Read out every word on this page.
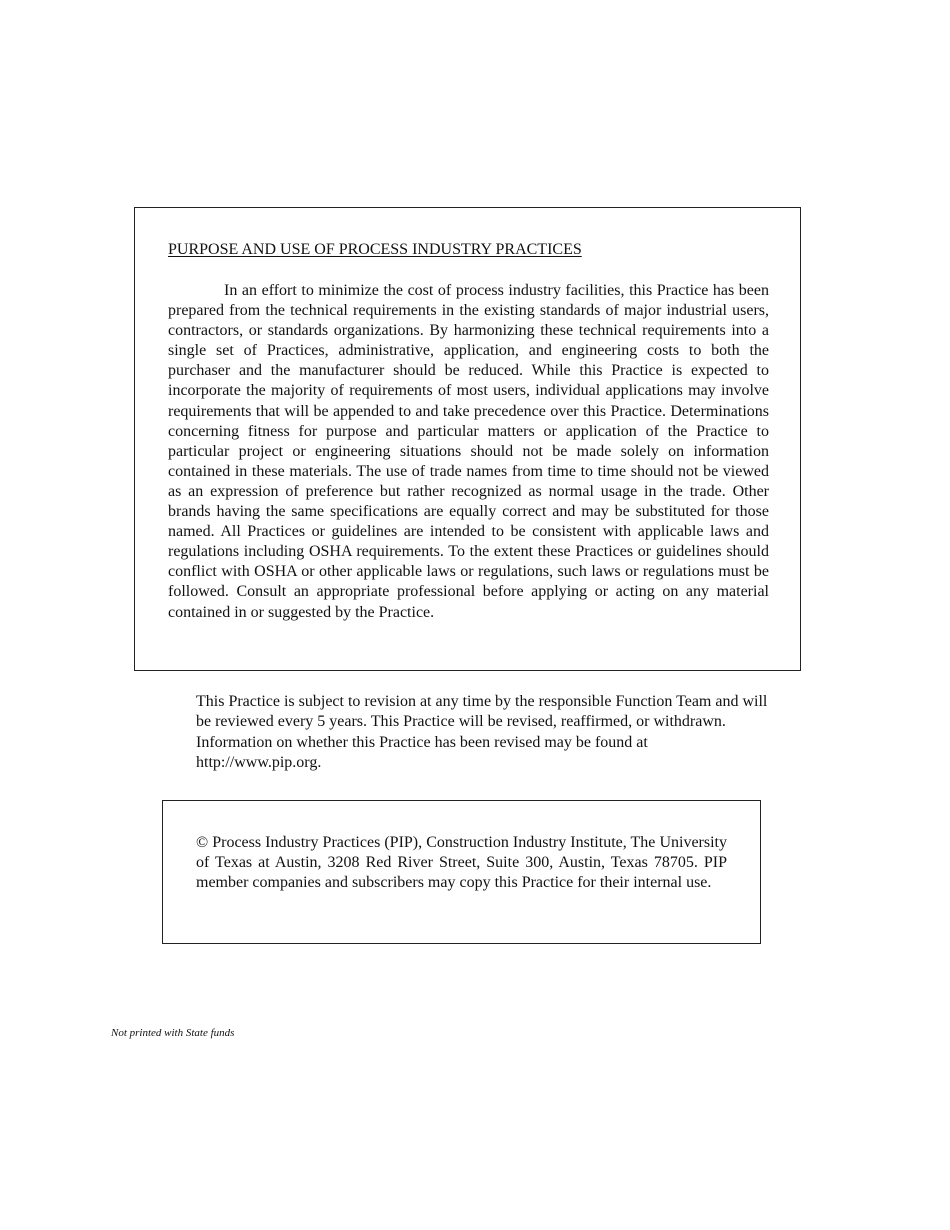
PURPOSE AND USE OF PROCESS INDUSTRY PRACTICES

In an effort to minimize the cost of process industry facilities, this Practice has been prepared from the technical requirements in the existing standards of major industrial users, contractors, or standards organizations. By harmonizing these technical requirements into a single set of Practices, administrative, application, and engineering costs to both the purchaser and the manufacturer should be reduced. While this Practice is expected to incorporate the majority of requirements of most users, individual applications may involve requirements that will be appended to and take precedence over this Practice. Determinations concerning fitness for purpose and particular matters or application of the Practice to particular project or engineering situations should not be made solely on information contained in these materials. The use of trade names from time to time should not be viewed as an expression of preference but rather recognized as normal usage in the trade. Other brands having the same specifications are equally correct and may be substituted for those named. All Practices or guidelines are intended to be consistent with applicable laws and regulations including OSHA requirements. To the extent these Practices or guidelines should conflict with OSHA or other applicable laws or regulations, such laws or regulations must be followed. Consult an appropriate professional before applying or acting on any material contained in or suggested by the Practice.

This Practice is subject to revision at any time by the responsible Function Team and will be reviewed every 5 years. This Practice will be revised, reaffirmed, or withdrawn. Information on whether this Practice has been revised may be found at http://www.pip.org.

© Process Industry Practices (PIP), Construction Industry Institute, The University of Texas at Austin, 3208 Red River Street, Suite 300, Austin, Texas 78705. PIP member companies and subscribers may copy this Practice for their internal use.

Not printed with State funds
